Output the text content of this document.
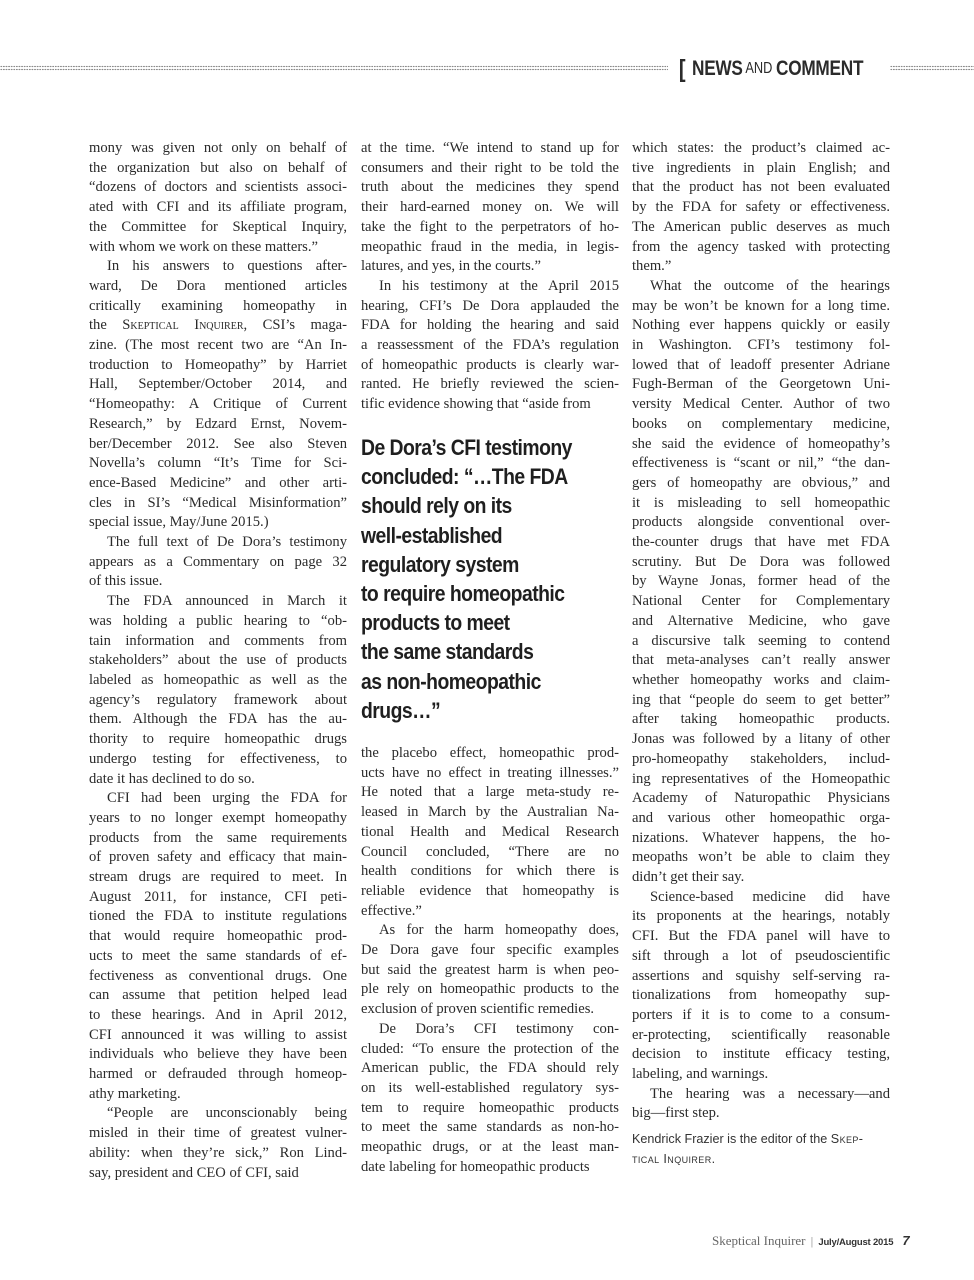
[ NEWS AND COMMENT

mony was given not only on behalf of
the organization but also on behalf of
“dozens of doctors and scientists associ-
ated with CFI and its affiliate program,
the Committee for Skeptical Inquiry,
with whom we work on these matters.”

In his answers to questions after-
ward, De Dora mentioned articles
critically examining homeopathy in
the Skeptical Inquirer, CSI’s maga-
zine. (The most recent two are “An In-
troduction to Homeopathy” by Harriet
Hall, September/October 2014, and
“Homeopathy: A Critique of Current
Research,” by Edzard Ernst, Novem-
ber/December 2012. See also Steven
Novella’s column “It’s Time for Sci-
ence-Based Medicine” and other arti-
cles in SI’s “Medical Misinformation”
special issue, May/June 2015.)

The full text of De Dora’s testimony
appears as a Commentary on page 32
of this issue.

The FDA announced in March it
was holding a public hearing to “ob-
tain information and comments from
stakeholders” about the use of products
labeled as homeopathic as well as the
agency’s regulatory framework about
them. Although the FDA has the au-
thority to require homeopathic drugs
undergo testing for effectiveness, to
date it has declined to do so.

CFI had been urging the FDA for
years to no longer exempt homeopathy
products from the same requirements
of proven safety and efficacy that main-
stream drugs are required to meet. In
August 2011, for instance, CFI peti-
tioned the FDA to institute regulations
that would require homeopathic prod-
ucts to meet the same standards of ef-
fectiveness as conventional drugs. One
can assume that petition helped lead
to these hearings. And in April 2012,
CFI announced it was willing to assist
individuals who believe they have been
harmed or defrauded through homeop-
athy marketing.

“People are unconscionably being
misled in their time of greatest vulner-
ability: when they’re sick,” Ron Lind-
say, president and CEO of CFI, said

at the time. “We intend to stand up for
consumers and their right to be told the
truth about the medicines they spend
their hard-earned money on. We will
take the fight to the perpetrators of ho-
meopathic fraud in the media, in legis-
latures, and yes, in the courts.”

In his testimony at the April 2015
hearing, CFI’s De Dora applauded the
FDA for holding the hearing and said
a reassessment of the FDA’s regulation
of homeopathic products is clearly war-
ranted. He briefly reviewed the scien-
tific evidence showing that “aside from

De Dora’s CFI testimony
concluded: “…The FDA
should rely on its
well-established
regulatory system
to require homeopathic
products to meet
the same standards
as non-homeopathic
drugs…”

the placebo effect, homeopathic prod-
ucts have no effect in treating illnesses.”
He noted that a large meta-study re-
leased in March by the Australian Na-
tional Health and Medical Research
Council concluded, “There are no
health conditions for which there is
reliable evidence that homeopathy is
effective.”

As for the harm homeopathy does,
De Dora gave four specific examples
but said the greatest harm is when peo-
ple rely on homeopathic products to the
exclusion of proven scientific remedies.

De Dora’s CFI testimony con-
cluded: “To ensure the protection of the
American public, the FDA should rely
on its well-established regulatory sys-
tem to require homeopathic products
to meet the same standards as non-ho-
meopathic drugs, or at the least man-
date labeling for homeopathic products

which states: the product’s claimed ac-
tive ingredients in plain English; and
that the product has not been evaluated
by the FDA for safety or effectiveness.
The American public deserves as much
from the agency tasked with protecting
them.”

What the outcome of the hearings
may be won’t be known for a long time.
Nothing ever happens quickly or easily
in Washington. CFI’s testimony fol-
lowed that of leadoff presenter Adriane
Fugh-Berman of the Georgetown Uni-
versity Medical Center. Author of two
books on complementary medicine,
she said the evidence of homeopathy’s
effectiveness is “scant or nil,” “the dan-
gers of homeopathy are obvious,” and
it is misleading to sell homeopathic
products alongside conventional over-
the-counter drugs that have met FDA
scrutiny. But De Dora was followed
by Wayne Jonas, former head of the
National Center for Complementary
and Alternative Medicine, who gave
a discursive talk seeming to contend
that meta-analyses can’t really answer
whether homeopathy works and claim-
ing that “people do seem to get better”
after taking homeopathic products.
Jonas was followed by a litany of other
pro-homeopathy stakeholders, includ-
ing representatives of the Homeopathic
Academy of Naturopathic Physicians
and various other homeopathic orga-
nizations. Whatever happens, the ho-
meopaths won’t be able to claim they
didn’t get their say.

Science-based medicine did have
its proponents at the hearings, notably
CFI. But the FDA panel will have to
sift through a lot of pseudoscientific
assertions and squishy self-serving ra-
tionalizations from homeopathy sup-
porters if it is to come to a consum-
er-protecting, scientifically reasonable
decision to institute efficacy testing,
labeling, and warnings.

The hearing was a necessary—and
big—first step.

Kendrick Frazier is the editor of the Skep-
tical Inquirer.
Skeptical Inquirer | July/August 2015 7
